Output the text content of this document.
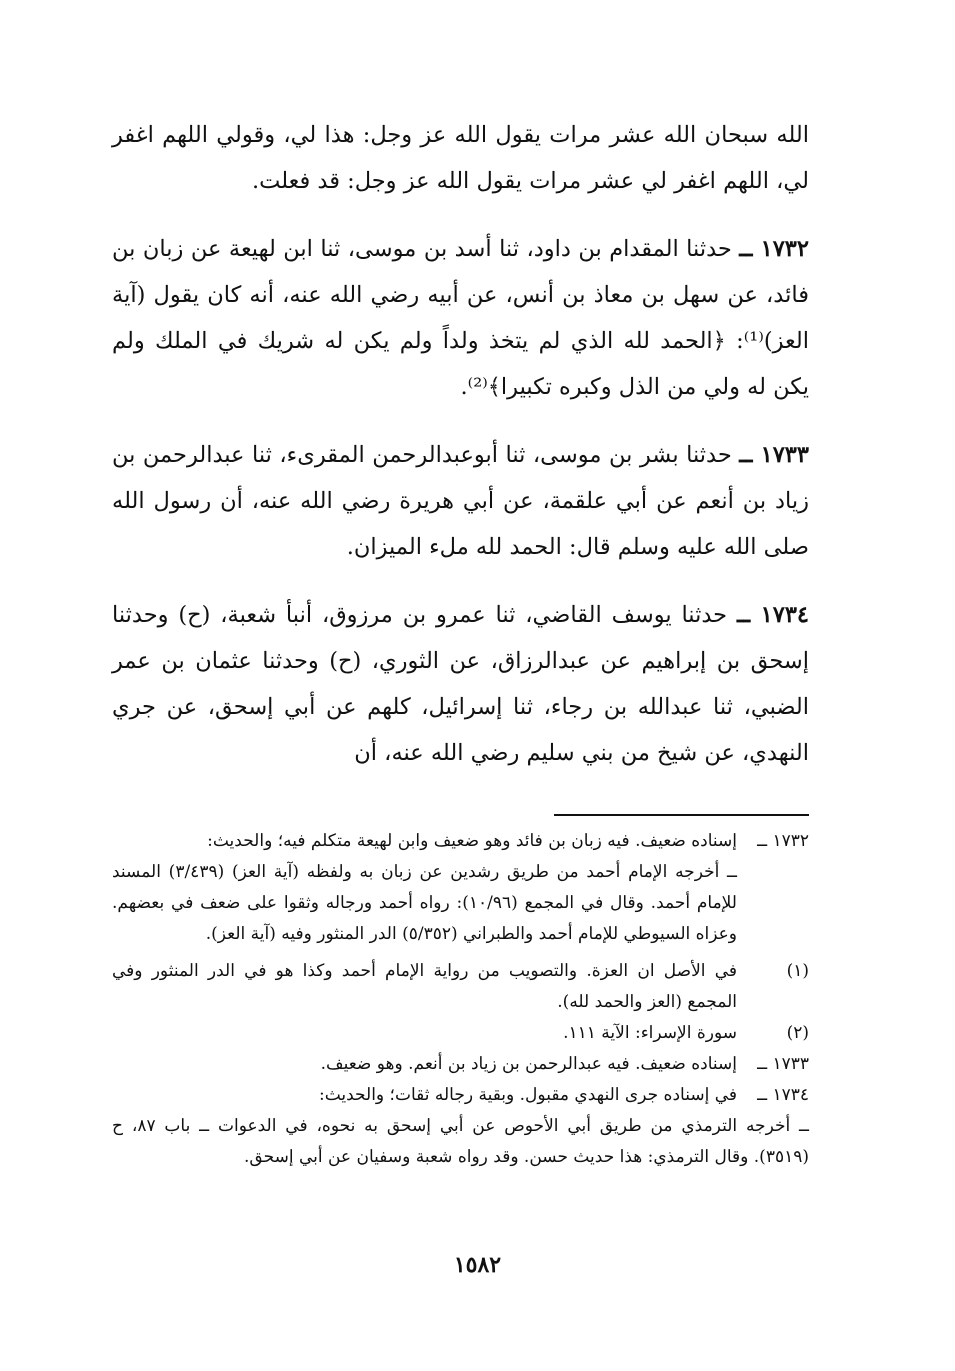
الله سبحان الله عشر مرات يقول الله عز وجل: هذا لي، وقولي اللهم اغفر لي، اللهم اغفر لي عشر مرات يقول الله عز وجل: قد فعلت.

١٧٣٢ ــ حدثنا المقدام بن داود، ثنا أسد بن موسى، ثنا ابن لهيعة عن زبان بن فائد، عن سهل بن معاذ بن أنس، عن أبيه رضي الله عنه، أنه كان يقول (آية العز)⁽¹⁾: ﴿الحمد لله الذي لم يتخذ ولداً ولم يكن له شريك في الملك ولم يكن له ولي من الذل وكبره تكبيرا﴾⁽²⁾.

١٧٣٣ ــ حدثنا بشر بن موسى، ثنا أبوعبدالرحمن المقرىء، ثنا عبدالرحمن بن زياد بن أنعم عن أبي علقمة، عن أبي هريرة رضي الله عنه، أن رسول الله صلى الله عليه وسلم قال: الحمد لله ملء الميزان.

١٧٣٤ ــ حدثنا يوسف القاضي، ثنا عمرو بن مرزوق، أنبأ شعبة، (ح) وحدثنا إسحق بن إبراهيم عن عبدالرزاق، عن الثوري، (ح) وحدثنا عثمان بن عمر الضبي، ثنا عبدالله بن رجاء، ثنا إسرائيل، كلهم عن أبي إسحق، عن جري النهدي، عن شيخ من بني سليم رضي الله عنه، أن

١٧٣٢ ــ
إسناده ضعيف. فيه زبان بن فائد وهو ضعيف وابن لهيعة متكلم فيه؛ والحديث:
ــ أخرجه الإمام أحمد من طريق رشدين عن زبان به ولفظه (آية العز) (٣/٤٣٩) المسند للإمام أحمد. وقال في المجمع (١٠/٩٦): رواه أحمد ورجاله وثقوا على ضعف في بعضهم. وعزاه السيوطي للإمام أحمد والطبراني (٥/٣٥٢) الدر المنثور وفيه (آية العز).
(١)
في الأصل ان العزة. والتصويب من رواية الإمام أحمد وكذا هو في الدر المنثور وفي المجمع (العز والحمد لله).
(٢)
سورة الإسراء: الآية ١١١.
١٧٣٣ ــ
إسناده ضعيف. فيه عبدالرحمن بن زياد بن أنعم. وهو ضعيف.
١٧٣٤ ــ
في إسناده جرى النهدي مقبول. وبقية رجاله ثقات؛ والحديث:
ــ أخرجه الترمذي من طريق أبي الأحوص عن أبي إسحق به نحوه، في الدعوات ــ باب ٨٧، ح (٣٥١٩). وقال الترمذي: هذا حديث حسن. وقد رواه شعبة وسفيان عن أبي إسحق.
١٥٨٢
